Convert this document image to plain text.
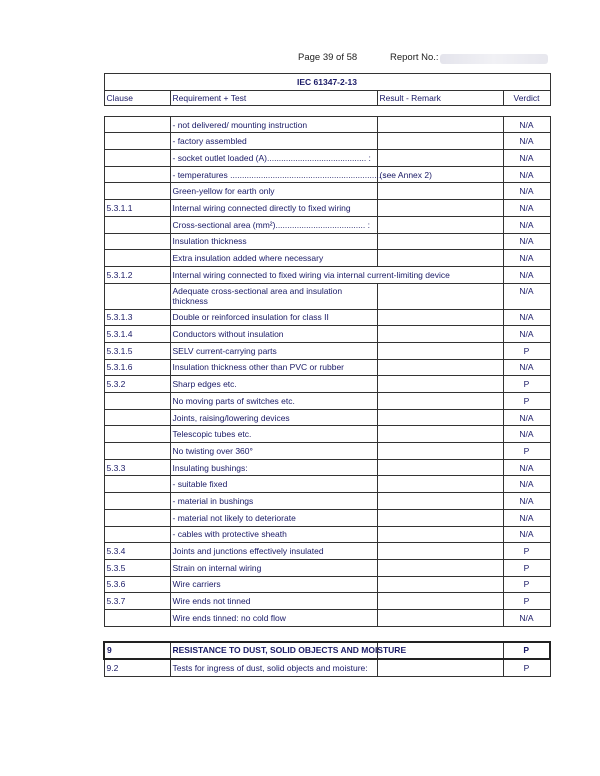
Page 39 of 58	Report No.:
IEC 61347-2-13			
Clause	Requirement + Test	Result - Remark	Verdict

	- not delivered/ mounting instruction		N/A
	- factory assembled		N/A
	- socket outlet loaded (A).......................................... :		N/A
	- temperatures ................................................................ :	(see Annex 2)	N/A
	Green-yellow for earth only		N/A
5.3.1.1	Internal wiring connected directly to fixed wiring		N/A
	Cross-sectional area (mm²)...................................... :		N/A
	Insulation thickness		N/A
	Extra insulation added where necessary		N/A
5.3.1.2	Internal wiring connected to fixed wiring via internal current-limiting device		N/A
	Adequate cross-sectional area and insulation thickness		N/A
5.3.1.3	Double or reinforced insulation for class II		N/A
5.3.1.4	Conductors without insulation		N/A
5.3.1.5	SELV current-carrying parts		P
5.3.1.6	Insulation thickness other than PVC or rubber		N/A
5.3.2	Sharp edges etc.		P
	No moving parts of switches etc.		P
	Joints, raising/lowering devices		N/A
	Telescopic tubes etc.		N/A
	No twisting over 360°		P
5.3.3	Insulating bushings:		N/A
	- suitable fixed		N/A
	- material in bushings		N/A
	- material not likely to deteriorate		N/A
	- cables with protective sheath		N/A
5.3.4	Joints and junctions effectively insulated		P
5.3.5	Strain on internal wiring		P
5.3.6	Wire carriers		P
5.3.7	Wire ends not tinned		P
	Wire ends tinned: no cold flow		N/A

9	RESISTANCE TO DUST, SOLID OBJECTS AND MOISTURE		P
9.2	Tests for ingress of dust, solid objects and moisture:		P
